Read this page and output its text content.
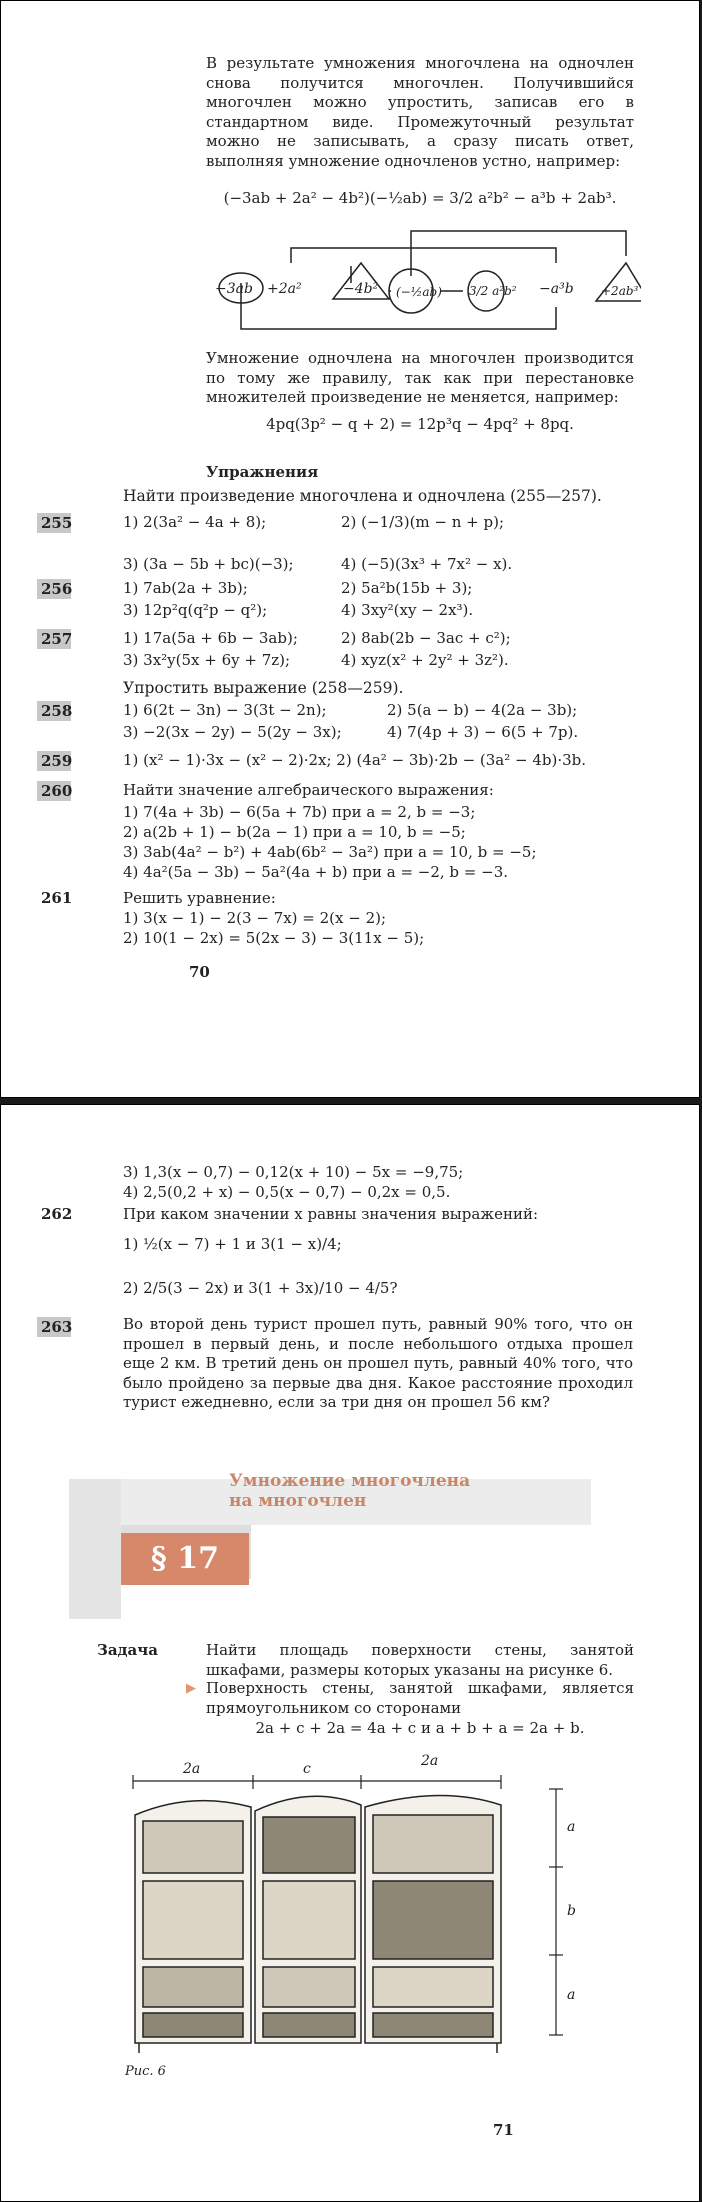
В результате умножения многочлена на одночлен снова получится многочлен. Получившийся многочлен можно упростить, записав его в стандартном виде. Промежуточный результат можно не записывать, а сразу писать ответ, выполняя умножение одночленов устно, например:
(−3ab + 2a² − 4b²)(−½ab) = 3/2 a²b² − a³b + 2ab³.
−3ab +2a²	−4b² (−½ab) 3/2 a²b² −a³b +2ab³
Умножение одночлена на многочлен производится по тому же правилу, так как при перестановке множителей произведение не меняется, например:
4pq(3p² − q + 2) = 12p³q − 4pq² + 8pq.
Упражнения
Найти произведение многочлена и одночлена (255—257).
255	1) 2(3a² − 4a + 8);	2) (−1/3)(m − n + p);
3) (3a − 5b + bc)(−3);	4) (−5)(3x³ + 7x² − x).
256	1) 7ab(2a + 3b);	2) 5a²b(15b + 3);
3) 12p²q(q²p − q²);	4) 3xy²(xy − 2x³).
257	1) 17a(5a + 6b − 3ab);	2) 8ab(2b − 3ac + c²);
3) 3x²y(5x + 6y + 7z);	4) xyz(x² + 2y² + 3z²).
Упростить выражение (258—259).
258	1) 6(2t − 3n) − 3(3t − 2n);	2) 5(a − b) − 4(2a − 3b);
3) −2(3x − 2y) − 5(2y − 3x);	4) 7(4p + 3) − 6(5 + 7p).
259	1) (x² − 1)·3x − (x² − 2)·2x; 2) (4a² − 3b)·2b − (3a² − 4b)·3b.
260	Найти значение алгебраического выражения:
1) 7(4a + 3b) − 6(5a + 7b) при a = 2, b = −3;
2) a(2b + 1) − b(2a − 1) при a = 10, b = −5;
3) 3ab(4a² − b²) + 4ab(6b² − 3a²) при a = 10, b = −5;
4) 4a²(5a − 3b) − 5a²(4a + b) при a = −2, b = −3.
261	Решить уравнение:
1) 3(x − 1) − 2(3 − 7x) = 2(x − 2);
2) 10(1 − 2x) = 5(2x − 3) − 3(11x − 5);
70
3) 1,3(x − 0,7) − 0,12(x + 10) − 5x = −9,75;
4) 2,5(0,2 + x) − 0,5(x − 0,7) − 0,2x = 0,5.
262	При каком значении x равны значения выражений:
1) ½(x − 7) + 1 и 3(1 − x)/4;
2) 2/5(3 − 2x) и 3(1 + 3x)/10 − 4/5?
263	Во второй день турист прошел путь, равный 90% того, что он прошел в первый день, и после небольшого отдыха прошел еще 2 км. В третий день он прошел путь, равный 40% того, что было пройдено за первые два дня. Какое расстояние проходил турист ежедневно, если за три дня он прошел 56 км?
§ 17
Умножение многочлена
на многочлен
Задача	Найти площадь поверхности стены, занятой шкафами, размеры которых указаны на рисунке 6.
▶ Поверхность стены, занятой шкафами, является прямоугольником со сторонами
2a + c + 2a = 4a + c и a + b + a = 2a + b.
2a	c	2a
a
b
a
Рис. 6
71
